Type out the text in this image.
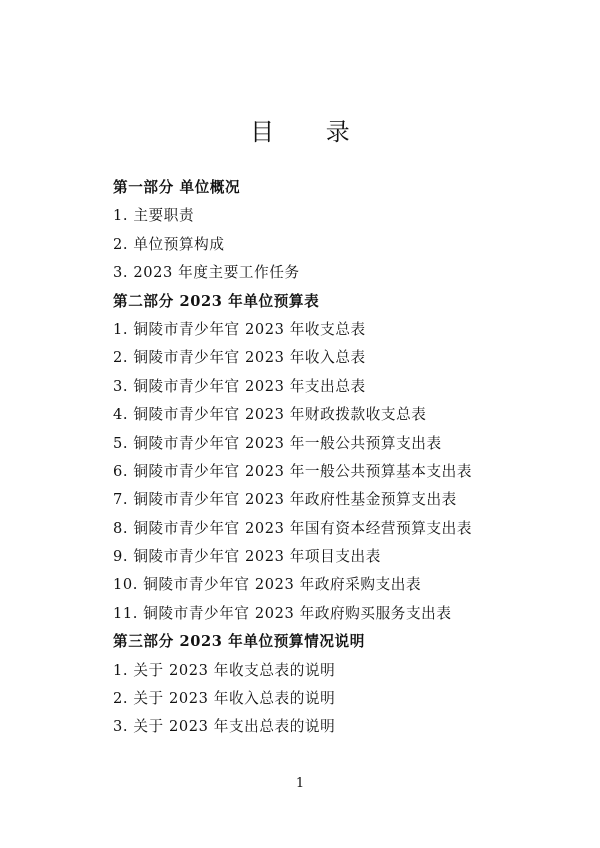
目 录
第一部分 单位概况
1. 主要职责
2. 单位预算构成
3. 2023 年度主要工作任务
第二部分 2023 年单位预算表
1. 铜陵市青少年官 2023 年收支总表
2. 铜陵市青少年官 2023 年收入总表
3. 铜陵市青少年官 2023 年支出总表
4. 铜陵市青少年官 2023 年财政拨款收支总表
5. 铜陵市青少年官 2023 年一般公共预算支出表
6. 铜陵市青少年官 2023 年一般公共预算基本支出表
7. 铜陵市青少年官 2023 年政府性基金预算支出表
8. 铜陵市青少年官 2023 年国有资本经营预算支出表
9. 铜陵市青少年官 2023 年项目支出表
10. 铜陵市青少年官 2023 年政府采购支出表
11. 铜陵市青少年官 2023 年政府购买服务支出表
第三部分 2023 年单位预算情况说明
1. 关于 2023 年收支总表的说明
2. 关于 2023 年收入总表的说明
3. 关于 2023 年支出总表的说明
1
